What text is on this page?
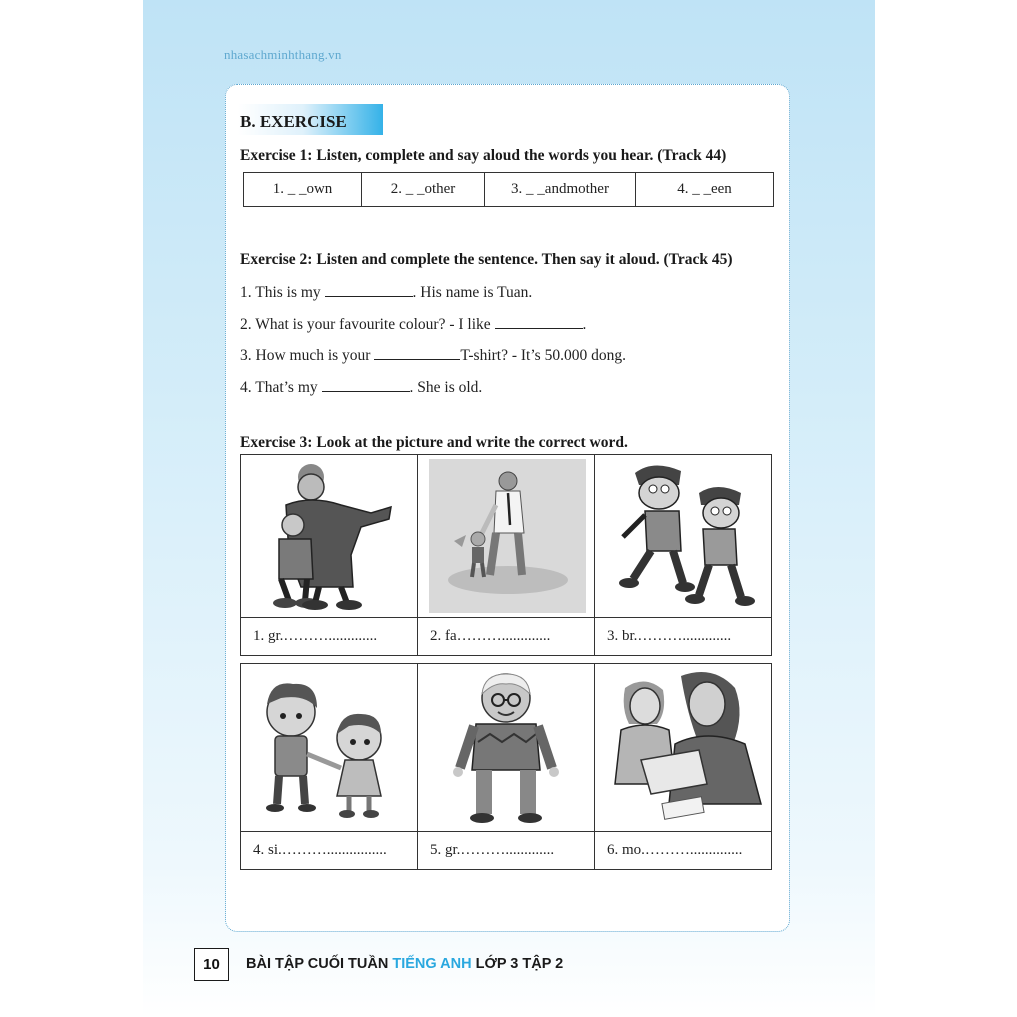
nhasachminhthang.vn
B. EXERCISE
Exercise 1: Listen, complete and say aloud the words you hear. (Track 44)
1. _ _own	2. _ _other	3. _ _andmother	4. _ _een
Exercise 2: Listen and complete the sentence. Then say it aloud. (Track 45)
1. This is my	. His name is Tuan.
2. What is your favourite colour? - I like	.
3. How much is your	T-shirt? - It’s 50.000 dong.
4. That’s my	. She is old.
Exercise 3: Look at the picture and write the correct word.
1. gr.……….............	2. fa……….............	3. br.……….............
4. si.………................	5. gr.……….............	6. mo.………..............
10	BÀI TẬP CUỐI TUẦN TIẾNG ANH LỚP 3 TẬP 2
